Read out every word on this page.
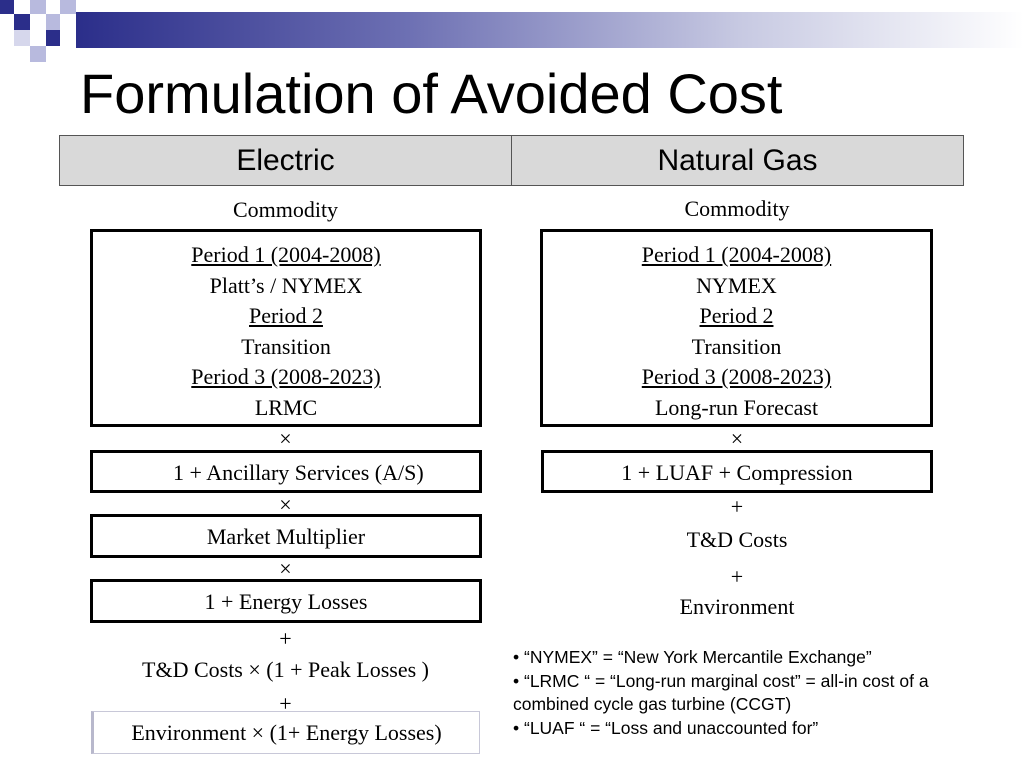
Formulation of Avoided Cost
Electric	Natural Gas
Commodity
Period 1 (2004-2008)
Platt’s / NYMEX
Period 2
Transition
Period 3 (2008-2023)
LRMC
×
1 + Ancillary Services (A/S)
×
Market Multiplier
×
1 + Energy Losses
+
T&D Costs × (1 + Peak Losses )
+
Environment × (1+ Energy Losses)
Commodity
Period 1 (2004-2008)
NYMEX
Period 2
Transition
Period 3 (2008-2023)
Long-run Forecast
×
1 + LUAF + Compression
+
T&D Costs
+
Environment
• “NYMEX” = “New York Mercantile Exchange”
• “LRMC “ = “Long-run marginal cost” = all-in cost of a
combined cycle gas turbine (CCGT)
• “LUAF “ = “Loss and unaccounted for”
